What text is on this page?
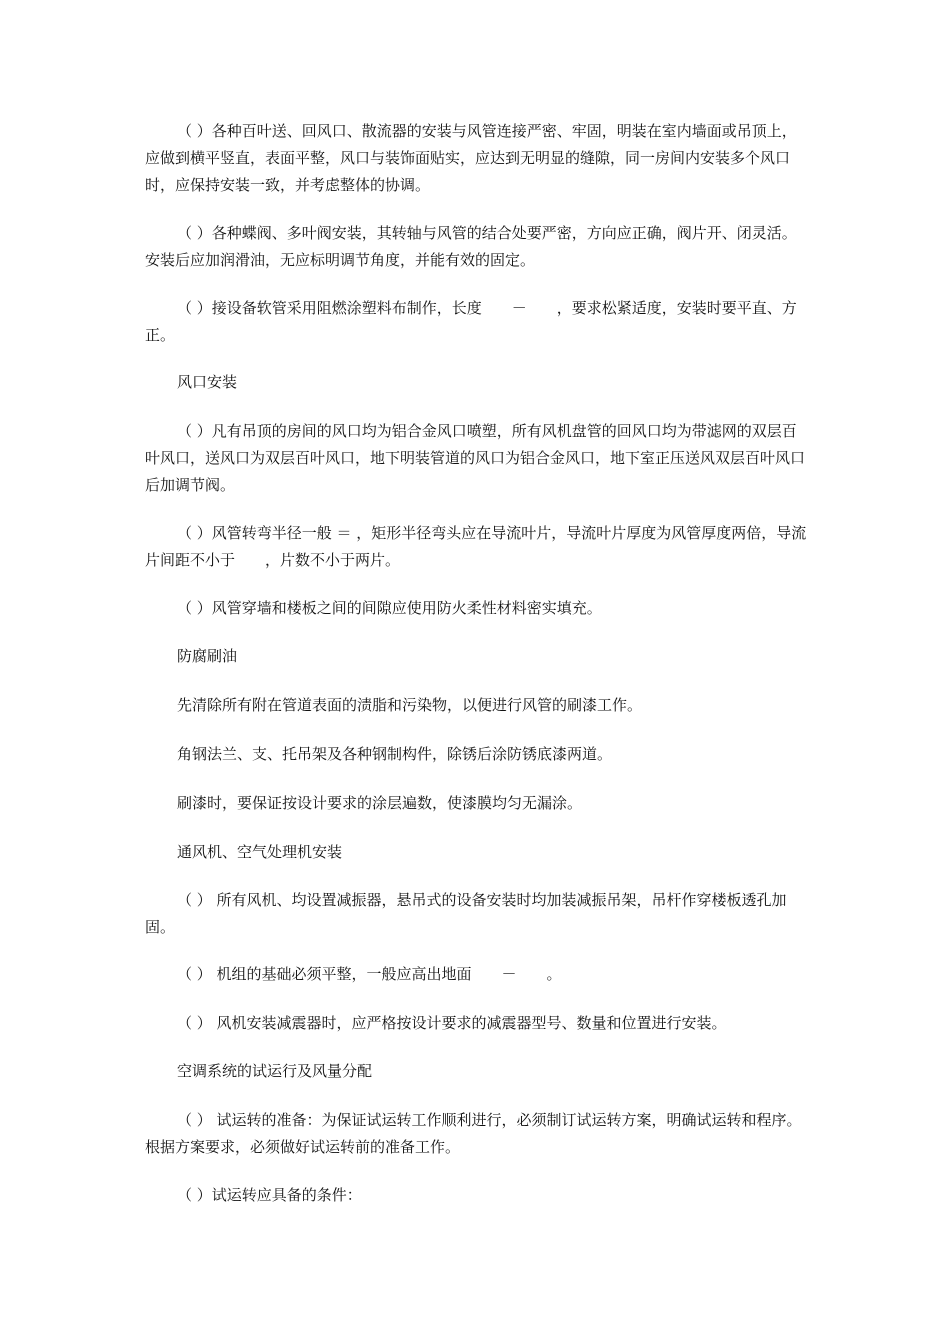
（ ）各种百叶送、回风口、散流器的安装与风管连接严密、牢固，明装在室内墙面或吊顶上，应做到横平竖直，表面平整，风口与装饰面贴实，应达到无明显的缝隙，同一房间内安装多个风口时，应保持安装一致，并考虑整体的协调。

（ ）各种蝶阀、多叶阀安装，其转轴与风管的结合处要严密，方向应正确，阀片开、闭灵活。安装后应加润滑油，无应标明调节角度，并能有效的固定。

（ ）接设备软管采用阻燃涂塑料布制作，长度　　－　　，要求松紧适度，安装时要平直、方正。

风口安装

（ ）凡有吊顶的房间的风口均为铝合金风口喷塑，所有风机盘管的回风口均为带滤网的双层百叶风口，送风口为双层百叶风口，地下明装管道的风口为铝合金风口，地下室正压送风双层百叶风口后加调节阀。

（ ）风管转弯半径一般 ＝ ，矩形半径弯头应在导流叶片，导流叶片厚度为风管厚度两倍，导流片间距不小于　　，片数不小于两片。

（ ）风管穿墙和楼板之间的间隙应使用防火柔性材料密实填充。

防腐刷油

先清除所有附在管道表面的渍脂和污染物，以便进行风管的刷漆工作。

角钢法兰、支、托吊架及各种钢制构件，除锈后涂防锈底漆两道。

刷漆时，要保证按设计要求的涂层遍数，使漆膜均匀无漏涂。

通风机、空气处理机安装

（ ） 所有风机、均设置减振器，悬吊式的设备安装时均加装减振吊架，吊杆作穿楼板透孔加固。

（ ） 机组的基础必须平整，一般应高出地面　　－　　。

（ ） 风机安装减震器时，应严格按设计要求的减震器型号、数量和位置进行安装。

空调系统的试运行及风量分配

（ ） 试运转的准备：为保证试运转工作顺利进行，必须制订试运转方案，明确试运转和程序。根据方案要求，必须做好试运转前的准备工作。

（ ）试运转应具备的条件：
